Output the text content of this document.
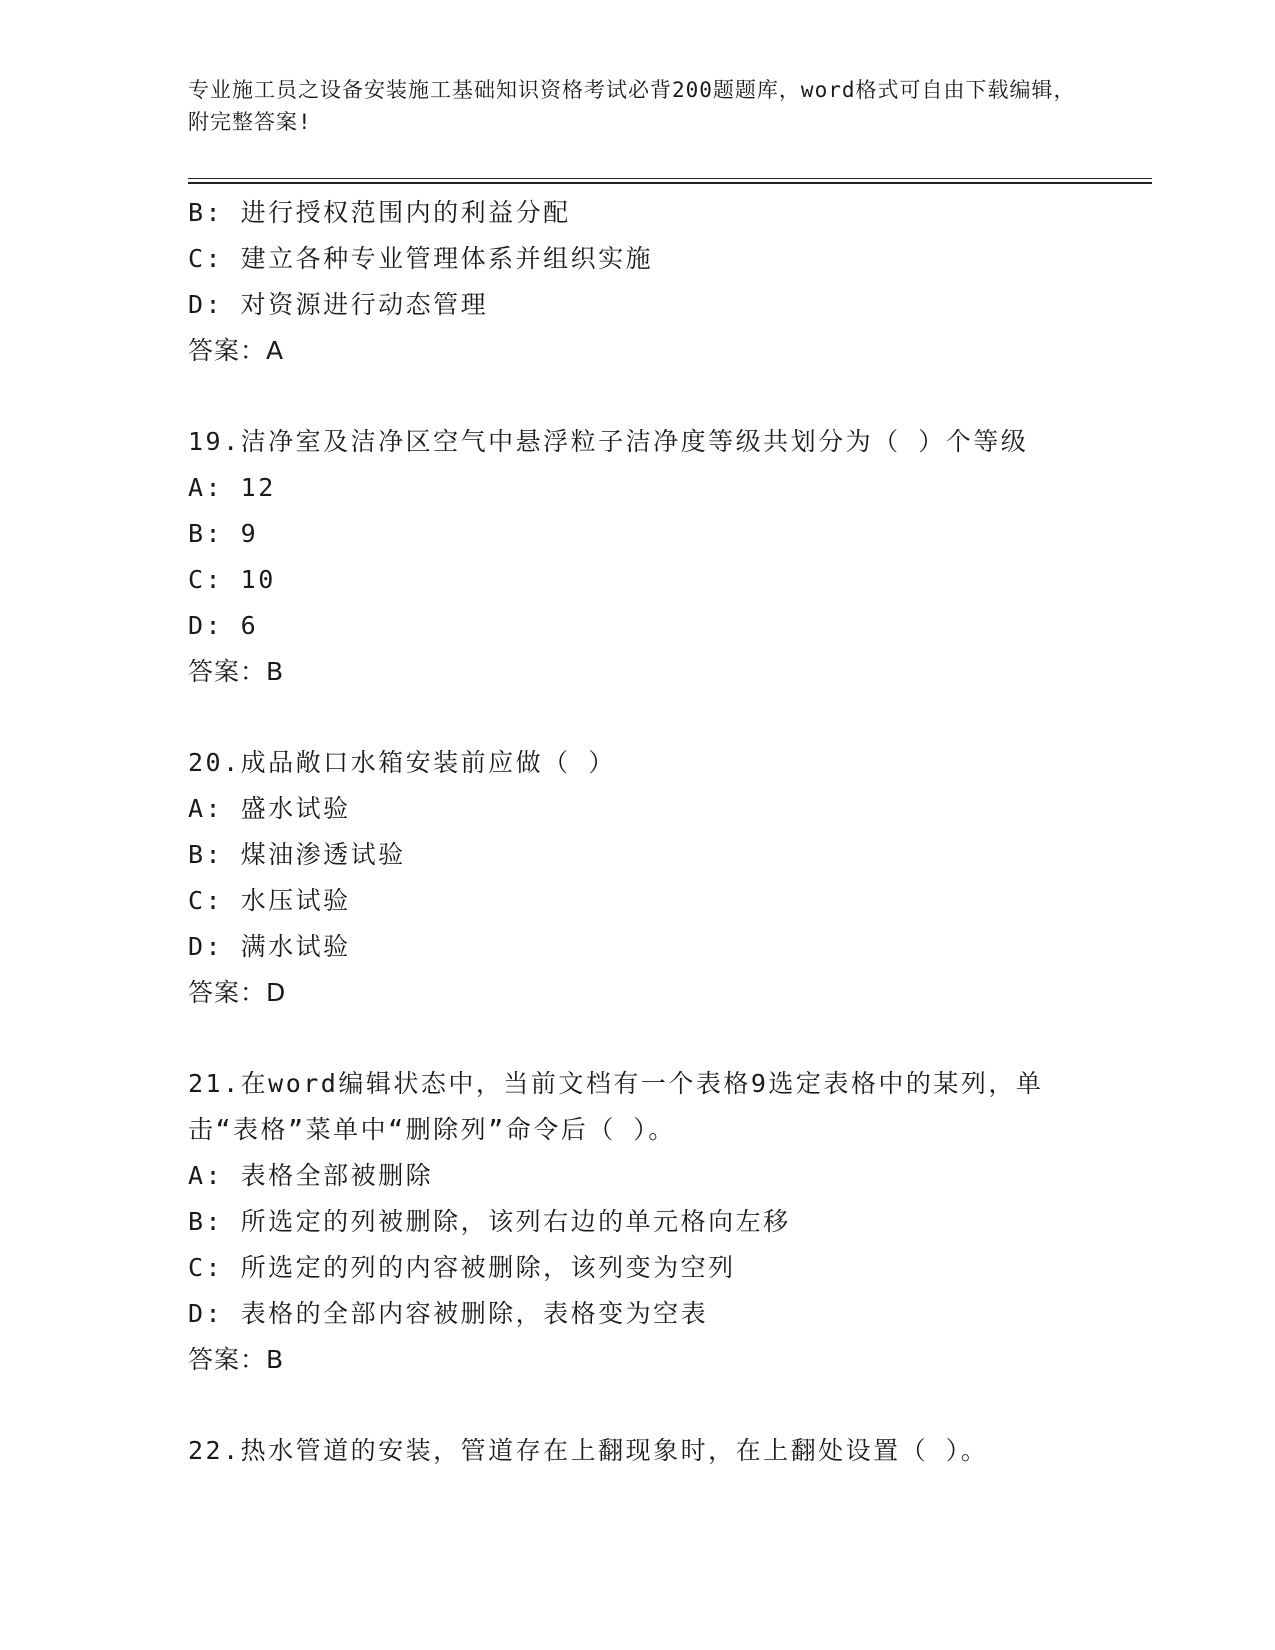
专业施工员之设备安装施工基础知识资格考试必背200题题库，word格式可自由下载编辑，附完整答案!
B: 进行授权范围内的利益分配
C: 建立各种专业管理体系并组织实施
D: 对资源进行动态管理
答案：A
19.洁净室及洁净区空气中悬浮粒子洁净度等级共划分为（ ）个等级
A: 12
B: 9
C: 10
D: 6
答案：B
20.成品敞口水箱安装前应做（ ）
A: 盛水试验
B: 煤油渗透试验
C: 水压试验
D: 满水试验
答案：D
21.在word编辑状态中，当前文档有一个表格9选定表格中的某列，单击“表格”菜单中“删除列”命令后（ ）。
A: 表格全部被删除
B: 所选定的列被删除，该列右边的单元格向左移
C: 所选定的列的内容被删除，该列变为空列
D: 表格的全部内容被删除，表格变为空表
答案：B
22.热水管道的安装，管道存在上翻现象时，在上翻处设置（ ）。
